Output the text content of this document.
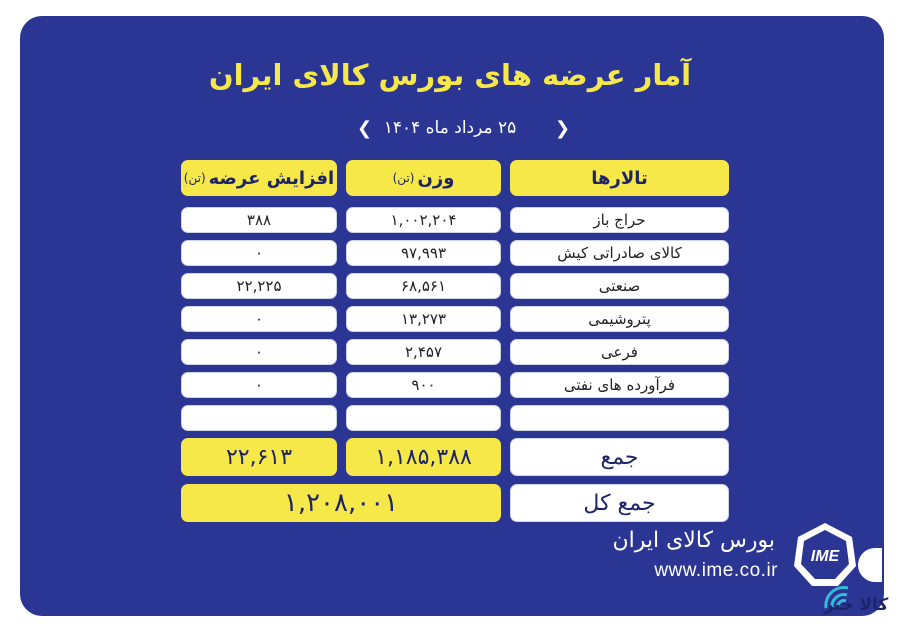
آمار عرضه های بورس کالای ایران
❯
۲۵ مرداد ماه ۱۴۰۴
❮
تالارها
وزن
(تن)
افزایش عرضه
(تن)
حراج باز
۱,۰۰۲,۲۰۴
۳۸۸
کالای صادراتی کیش
۹۷,۹۹۳
۰
صنعتی
۶۸,۵۶۱
۲۲,۲۲۵
پتروشیمی
۱۳,۲۷۳
۰
فرعی
۲,۴۵۷
۰
فرآورده های نفتی
۹۰۰
۰
جمع
۱,۱۸۵,۳۸۸
۲۲,۶۱۳
جمع کل
۱,۲۰۸,۰۰۱
بورس کالای ایران
www.ime.co.ir
IME
کالا خبر
